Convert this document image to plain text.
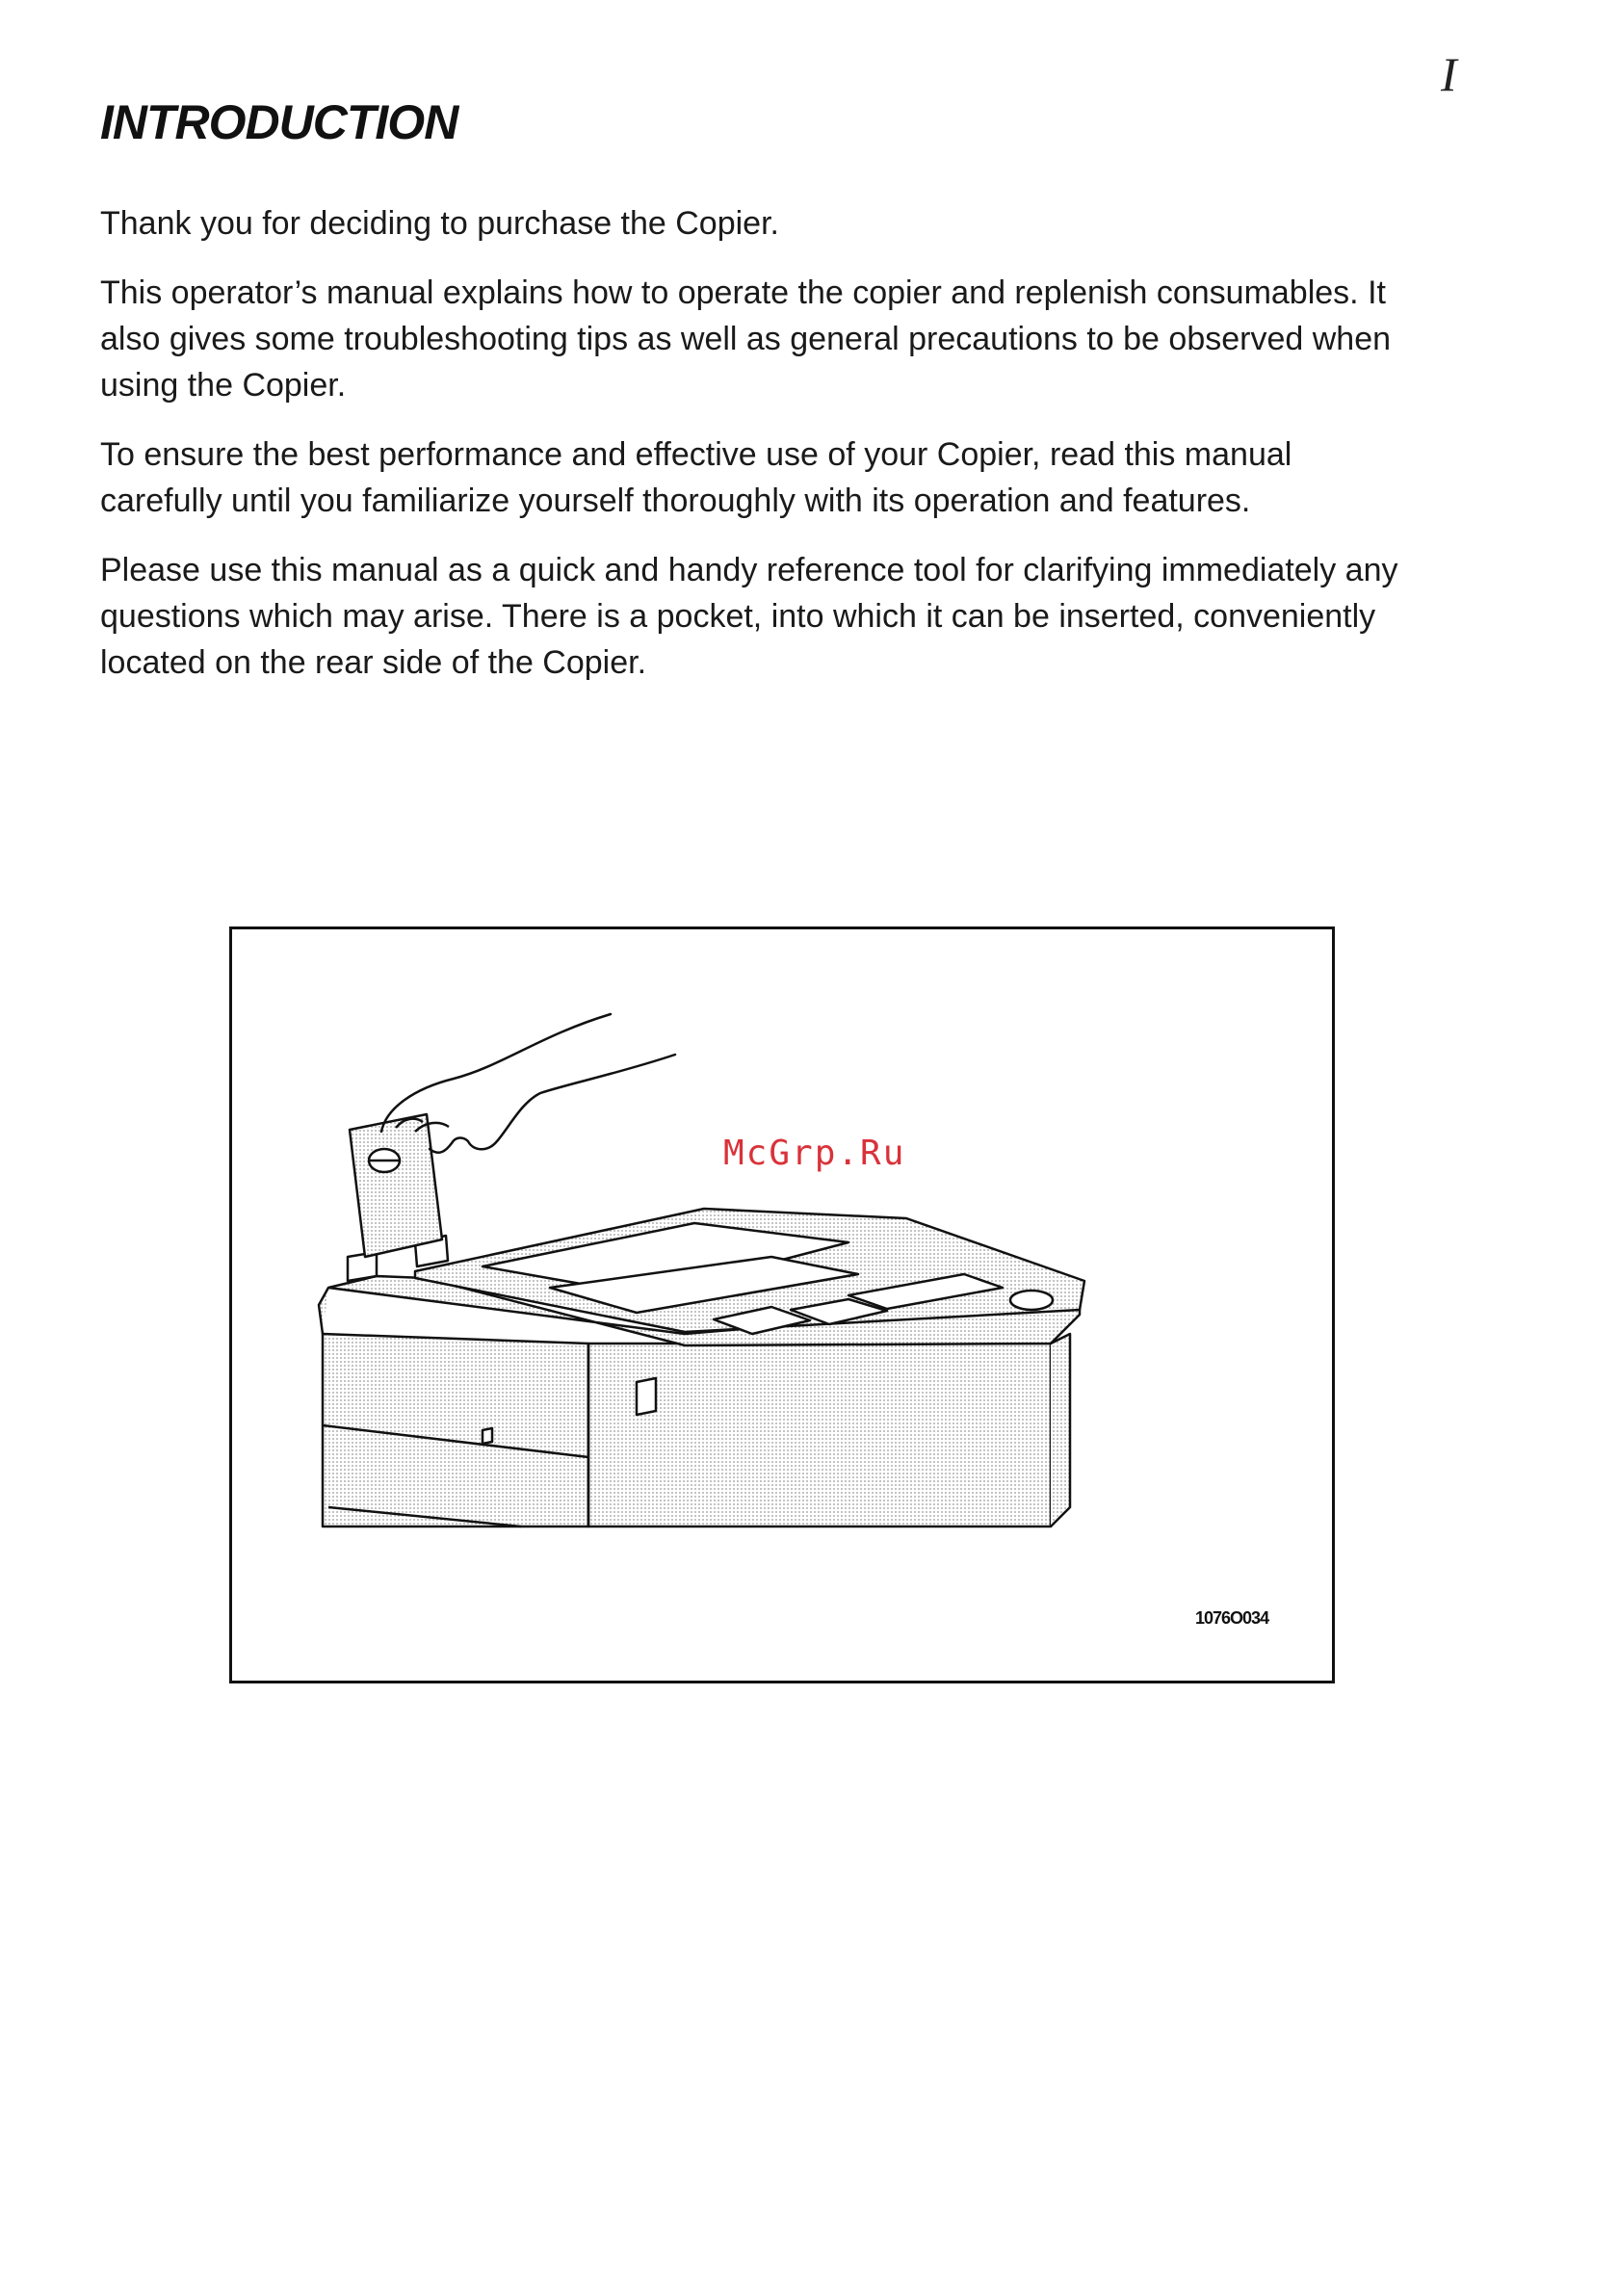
I
INTRODUCTION

Thank you for deciding to purchase the Copier.

This operator’s manual explains how to operate the copier and replenish consumables. It also gives some troubleshooting tips as well as general precautions to be observed when using the Copier.

To ensure the best performance and effective use of your Copier, read this manual carefully until you familiarize yourself thoroughly with its operation and features.

Please use this manual as a quick and handy reference tool for clarifying immediately any questions which may arise. There is a pocket, into which it can be inserted, conveniently located on the rear side of the Copier.

McGrp.Ru
1076O034
